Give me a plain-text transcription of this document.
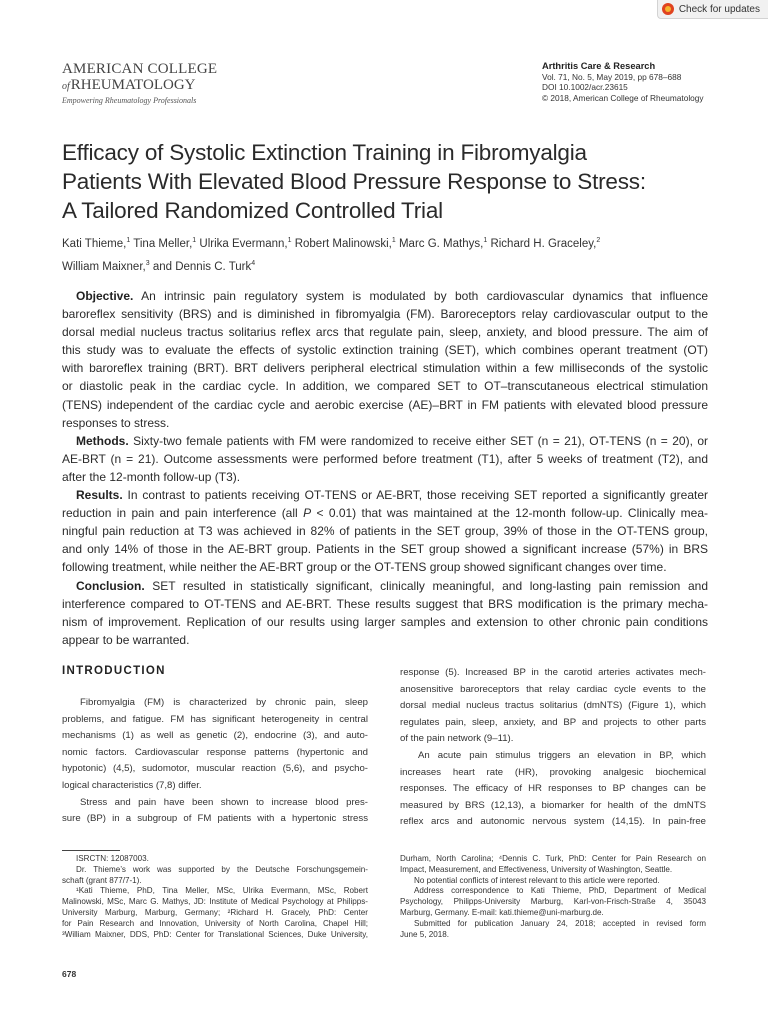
Check for updates
AMERICAN COLLEGE
ofRHEUMATOLOGY
Empowering Rheumatology Professionals
Arthritis Care & Research
Vol. 71, No. 5, May 2019, pp 678–688
DOI 10.1002/acr.23615
© 2018, American College of Rheumatology
Efficacy of Systolic Extinction Training in Fibromyalgia
Patients With Elevated Blood Pressure Response to Stress:
A Tailored Randomized Controlled Trial
Kati Thieme,$^1$ Tina Meller,$^1$ Ulrika Evermann,$^1$ Robert Malinowski,$^1$ Marc G. Mathys,$^1$ Richard H. Graceley,$^2$
William Maixner,$^3$ and Dennis C. Turk$^4$
Objective. An intrinsic pain regulatory system is modulated by both cardiovascular dynamics that influence
baroreflex sensitivity (BRS) and is diminished in fibromyalgia (FM). Baroreceptors relay cardiovascular output to the
dorsal medial nucleus tractus solitarius reflex arcs that regulate pain, sleep, anxiety, and blood pressure. The aim of
this study was to evaluate the effects of systolic extinction training (SET), which combines operant treatment (OT)
with baroreflex training (BRT). BRT delivers peripheral electrical stimulation within a few milliseconds of the systolic
or diastolic peak in the cardiac cycle. In addition, we compared SET to OT–transcutaneous electrical stimulation
(TENS) independent of the cardiac cycle and aerobic exercise (AE)–BRT in FM patients with elevated blood pressure
responses to stress.
Methods. Sixty-two female patients with FM were randomized to receive either SET (n = 21), OT-TENS (n = 20), or
AE-BRT (n = 21). Outcome assessments were performed before treatment (T1), after 5 weeks of treatment (T2), and
after the 12-month follow-up (T3).
Results. In contrast to patients receiving OT-TENS or AE-BRT, those receiving SET reported a significantly greater
reduction in pain and pain interference (all P < 0.01) that was maintained at the 12-month follow-up. Clinically mea-
ningful pain reduction at T3 was achieved in 82% of patients in the SET group, 39% of those in the OT-TENS group,
and only 14% of those in the AE-BRT group. Patients in the SET group showed a significant increase (57%) in BRS
following treatment, while neither the AE-BRT group or the OT-TENS group showed significant changes over time.
Conclusion. SET resulted in statistically significant, clinically meaningful, and long-lasting pain remission and
interference compared to OT-TENS and AE-BRT. These results suggest that BRS modification is the primary mecha-
nism of improvement. Replication of our results using larger samples and extension to other chronic pain conditions
appear to be warranted.
INTRODUCTION
Fibromyalgia (FM) is characterized by chronic pain, sleep
problems, and fatigue. FM has significant heterogeneity in central
mechanisms (1) as well as genetic (2), endocrine (3), and auto-
nomic factors. Cardiovascular response patterns (hypertonic and
hypotonic) (4,5), sudomotor, muscular reaction (5,6), and psycho-
logical characteristics (7,8) differ.
Stress and pain have been shown to increase blood pres-
sure (BP) in a subgroup of FM patients with a hypertonic stress
response (5). Increased BP in the carotid arteries activates mech-
anosensitive baroreceptors that relay cardiac cycle events to the
dorsal medial nucleus tractus solitarius (dmNTS) (Figure 1), which
regulates pain, sleep, anxiety, and BP and projects to other parts
of the pain network (9–11).
An acute pain stimulus triggers an elevation in BP, which
increases heart rate (HR), provoking analgesic biochemical
responses. The efficacy of HR responses to BP changes can be
measured by BRS (12,13), a biomarker for health of the dmNTS
reflex arcs and autonomic nervous system (14,15). In pain-free
ISRCTN: 12087003.
Dr. Thieme’s work was supported by the Deutsche Forschungsgemein-
schaft (grant 877/7-1).
¹Kati Thieme, PhD, Tina Meller, MSc, Ulrika Evermann, MSc, Robert
Malinowski, MSc, Marc G. Mathys, JD: Institute of Medical Psychology at Philipps-
University Marburg, Marburg, Germany; ²Richard H. Gracely, PhD: Center
for Pain Research and Innovation, University of North Carolina, Chapel Hill;
³William Maixner, DDS, PhD: Center for Translational Sciences, Duke University,
Durham, North Carolina; ⁴Dennis C. Turk, PhD: Center for Pain Research on
Impact, Measurement, and Effectiveness, University of Washington, Seattle.
No potential conflicts of interest relevant to this article were reported.
Address correspondence to Kati Thieme, PhD, Department of Medical
Psychology, Philipps-University Marburg, Karl-von-Frisch-Straße 4, 35043
Marburg, Germany. E-mail: kati.thieme@uni-marburg.de.
Submitted for publication January 24, 2018; accepted in revised form
June 5, 2018.
678
